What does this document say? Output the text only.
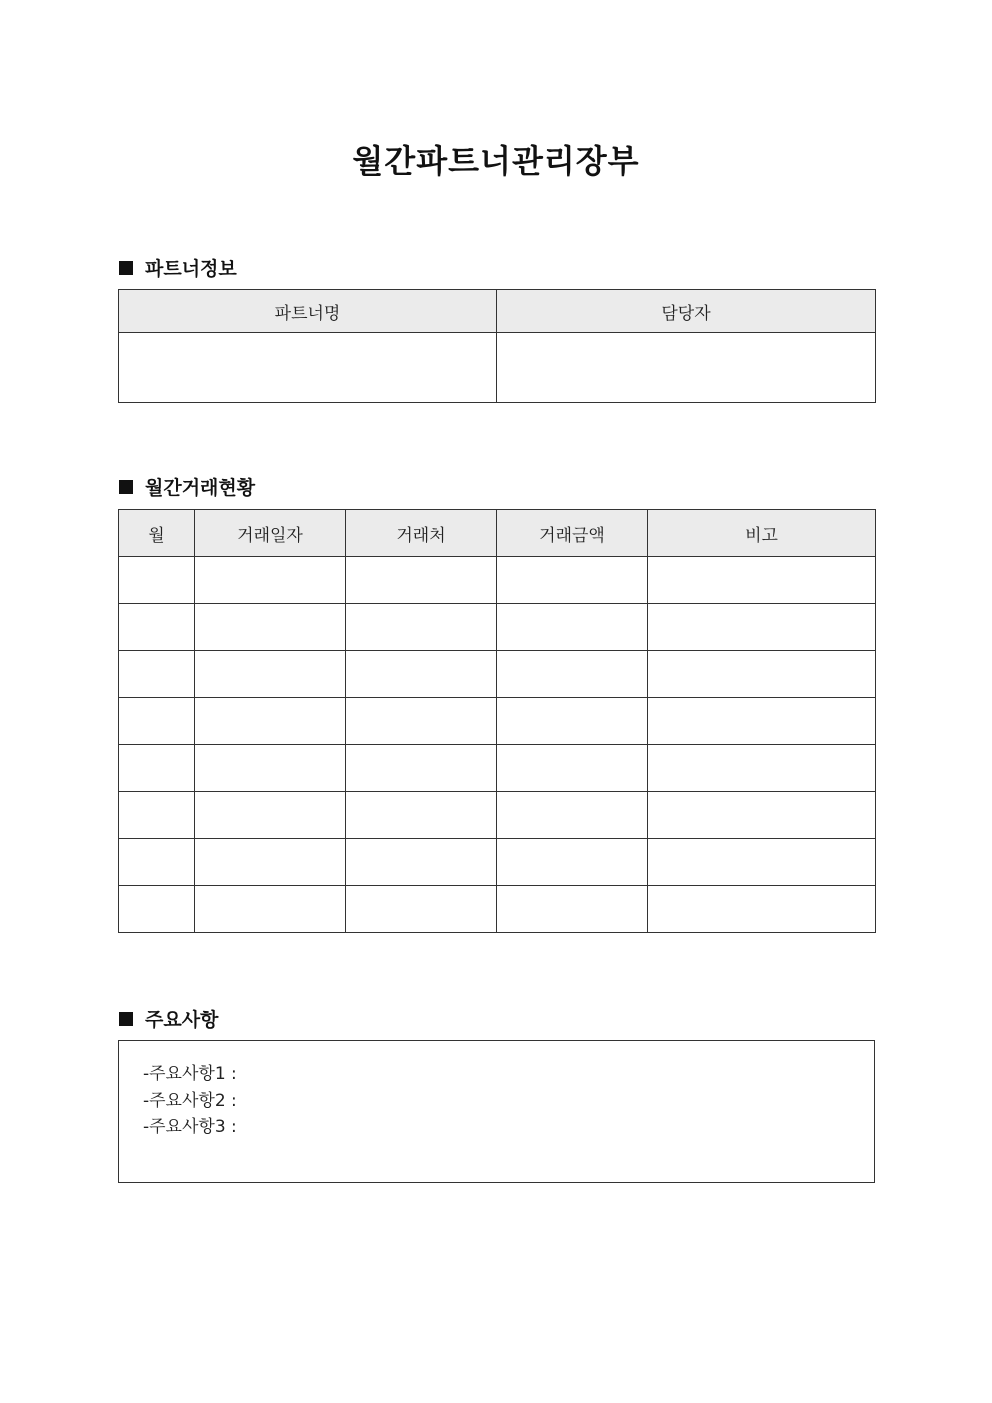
월간파트너관리장부
파트너정보
파트너명	담당자

월간거래현황
월	거래일자	거래처	거래금액	비고

주요사항
-주요사항1 :
-주요사항2 :
-주요사항3 :
